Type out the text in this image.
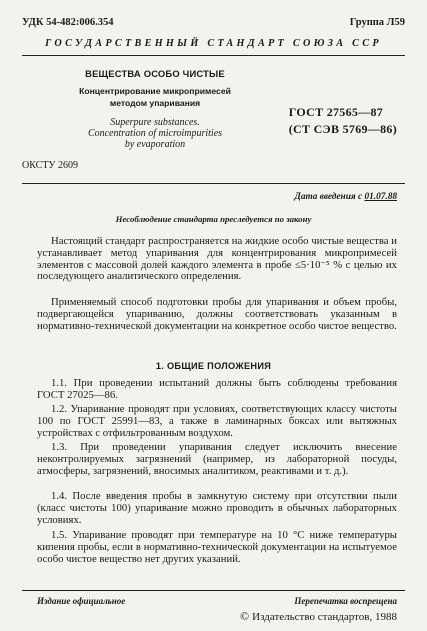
УДК 54-482:006.354	Группа Л59
ГОСУДАРСТВЕННЫЙ СТАНДАРТ СОЮЗА ССР
ВЕЩЕСТВА ОСОБО ЧИСТЫЕ
Концентрирование микропримесей
методом упаривания
Superpure substances.
Concentration of microimpurities
by evaporation
ГОСТ 27565—87
(СТ СЭВ 5769—86)
ОКСТУ 2609
Дата введения с 01.07.88
Несоблюдение стандарта преследуется по закону
Настоящий стандарт распространяется на жидкие особо чистые вещества и устанавливает метод упаривания для концентрирования микропримесей элементов с массовой долей каждого элемента в пробе ≤5·10⁻⁵ % с целью их последующего аналитического определения.
Применяемый способ подготовки пробы для упаривания и объем пробы, подвергающейся упариванию, должны соответствовать указанным в нормативно-технической документации на конкретное особо чистое вещество.
1. ОБЩИЕ ПОЛОЖЕНИЯ
1.1. При проведении испытаний должны быть соблюдены требования ГОСТ 27025—86.
1.2. Упаривание проводят при условиях, соответствующих классу чистоты 100 по ГОСТ 25991—83, а также в ламинарных боксах или вытяжных устройствах с отфильтрованным воздухом.
1.3. При проведении упаривания следует исключить внесение неконтролируемых загрязнений (например, из лабораторной посуды, атмосферы, загрязнений, вносимых аналитиком, реактивами и т. д.).
1.4. После введения пробы в замкнутую систему при отсутствии пыли (класс чистоты 100) упаривание можно проводить в обычных лабораторных условиях.
1.5. Упаривание проводят при температуре на 10 °С ниже температуры кипения пробы, если в нормативно-технической документации на испытуемое особо чистое вещество нет других указаний.
Издание официальное	Перепечатка воспрещена
© Издательство стандартов, 1988
